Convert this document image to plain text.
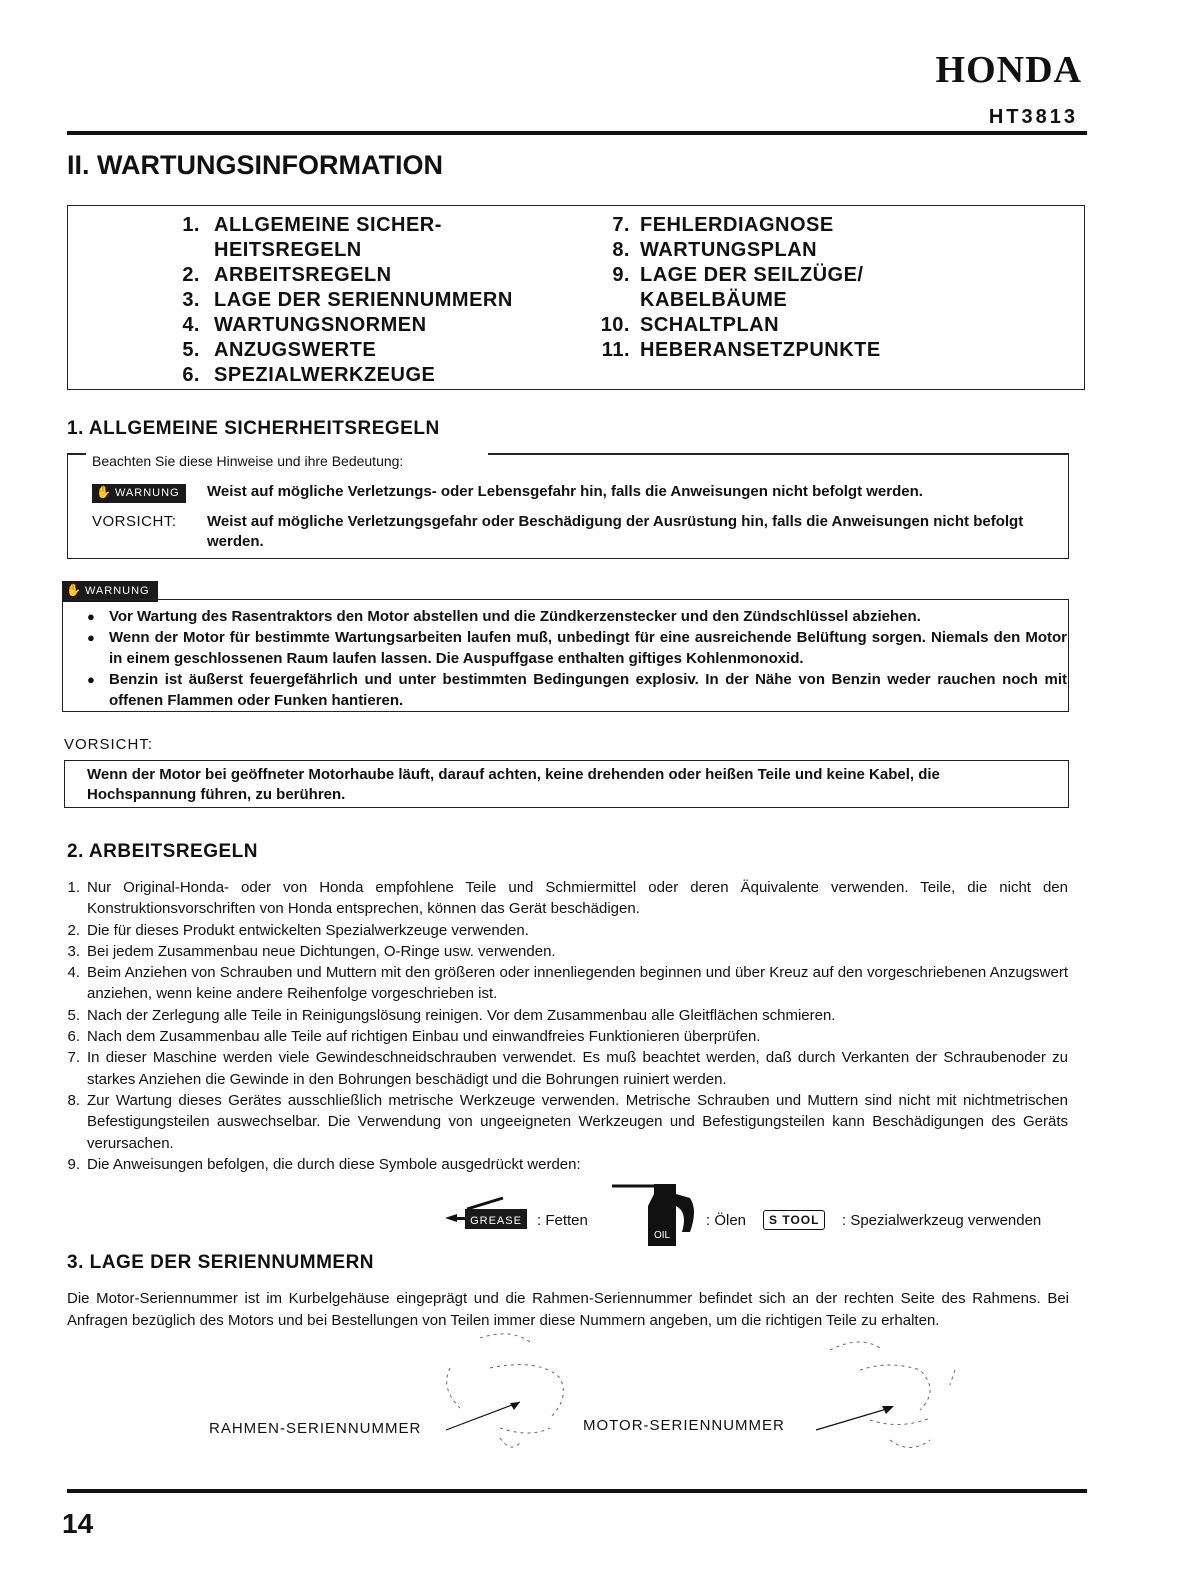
HONDA
HT3813
II. WARTUNGSINFORMATION
1. ALLGEMEINE SICHER-
HEITSREGELN
2. ARBEITSREGELN
3. LAGE DER SERIENNUMMERN
4. WARTUNGSNORMEN
5. ANZUGSWERTE
6. SPEZIALWERKZEUGE
7. FEHLERDIAGNOSE
8. WARTUNGSPLAN
9. LAGE DER SEILZÜGE/
KABELBÄUME
10. SCHALTPLAN
11. HEBERANSETZPUNKTE
1. ALLGEMEINE SICHERHEITSREGELN
Beachten Sie diese Hinweise und ihre Bedeutung:
✋ WARNUNG	Weist auf mögliche Verletzungs- oder Lebensgefahr hin, falls die Anweisungen nicht befolgt werden.
VORSICHT:	Weist auf mögliche Verletzungsgefahr oder Beschädigung der Ausrüstung hin, falls die Anweisungen nicht befolgt werden.
✋ WARNUNG
● Vor Wartung des Rasentraktors den Motor abstellen und die Zündkerzenstecker und den Zündschlüssel abziehen.
● Wenn der Motor für bestimmte Wartungsarbeiten laufen muß, unbedingt für eine ausreichende Belüftung sorgen. Niemals den Motor in einem geschlossenen Raum laufen lassen. Die Auspuffgase enthalten giftiges Kohlenmonoxid.
● Benzin ist äußerst feuergefährlich und unter bestimmten Bedingungen explosiv. In der Nähe von Benzin weder rauchen noch mit offenen Flammen oder Funken hantieren.
VORSICHT:
Wenn der Motor bei geöffneter Motorhaube läuft, darauf achten, keine drehenden oder heißen Teile und keine Kabel, die Hochspannung führen, zu berühren.
2. ARBEITSREGELN
1. Nur Original-Honda- oder von Honda empfohlene Teile und Schmiermittel oder deren Äquivalente verwenden. Teile, die nicht den Konstruktionsvorschriften von Honda entsprechen, können das Gerät beschädigen.
2. Die für dieses Produkt entwickelten Spezialwerkzeuge verwenden.
3. Bei jedem Zusammenbau neue Dichtungen, O-Ringe usw. verwenden.
4. Beim Anziehen von Schrauben und Muttern mit den größeren oder innenliegenden beginnen und über Kreuz auf den vorgeschriebenen Anzugswert anziehen, wenn keine andere Reihenfolge vorgeschrieben ist.
5. Nach der Zerlegung alle Teile in Reinigungslösung reinigen. Vor dem Zusammenbau alle Gleitflächen schmieren.
6. Nach dem Zusammenbau alle Teile auf richtigen Einbau und einwandfreies Funktionieren überprüfen.
7. In dieser Maschine werden viele Gewindeschneidschrauben verwendet. Es muß beachtet werden, daß durch Verkanten der Schraubenoder zu starkes Anziehen die Gewinde in den Bohrungen beschädigt und die Bohrungen ruiniert werden.
8. Zur Wartung dieses Gerätes ausschließlich metrische Werkzeuge verwenden. Metrische Schrauben und Muttern sind nicht mit nichtmetrischen Befestigungsteilen auswechselbar. Die Verwendung von ungeeigneten Werkzeugen und Befestigungsteilen kann Beschädigungen des Geräts verursachen.
9. Die Anweisungen befolgen, die durch diese Symbole ausgedrückt werden:
GREASE : Fetten
OIL
: Ölen	S TOOL	: Spezialwerkzeug verwenden
3. LAGE DER SERIENNUMMERN
Die Motor-Seriennummer ist im Kurbelgehäuse eingeprägt und die Rahmen-Seriennummer befindet sich an der rechten Seite des Rahmens. Bei Anfragen bezüglich des Motors und bei Bestellungen von Teilen immer diese Nummern angeben, um die richtigen Teile zu erhalten.
RAHMEN-SERIENNUMMER	MOTOR-SERIENNUMMER
14
